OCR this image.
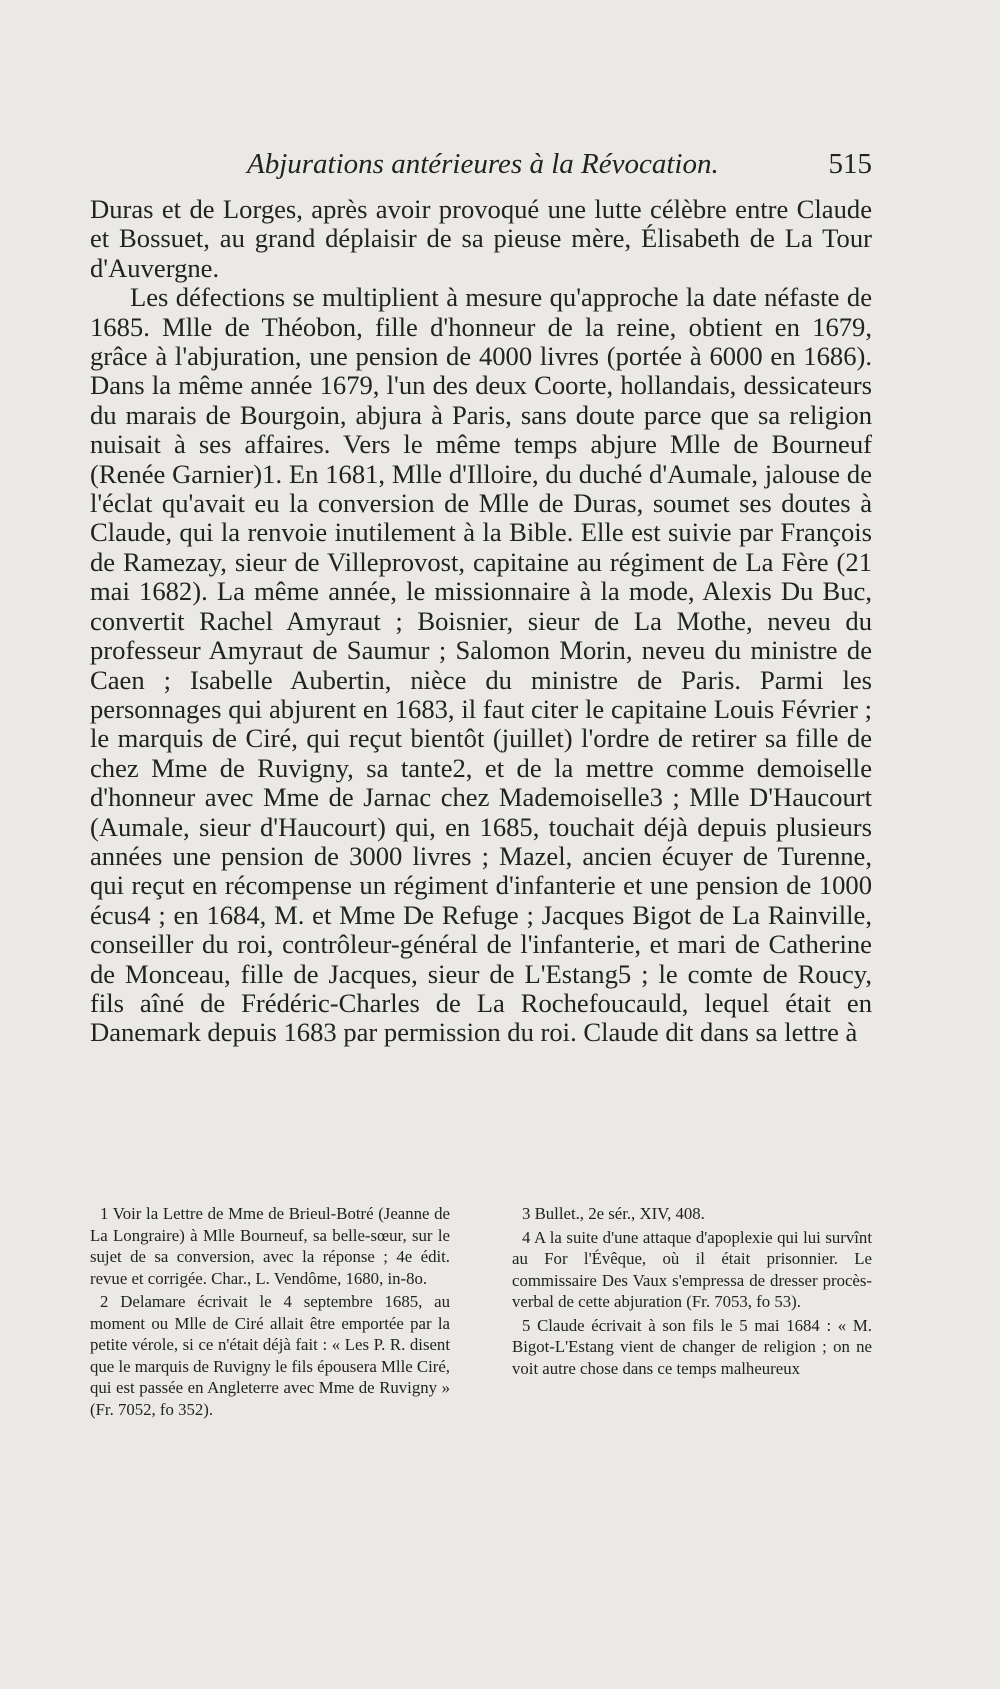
Abjurations antérieures à la Révocation.	515

Duras et de Lorges, après avoir provoqué une lutte célèbre entre Claude et Bossuet, au grand déplaisir de sa pieuse mère, Élisabeth de La Tour d'Auvergne.

Les défections se multiplient à mesure qu'approche la date néfaste de 1685. Mlle de Théobon, fille d'honneur de la reine, obtient en 1679, grâce à l'abjuration, une pension de 4000 livres (portée à 6000 en 1686). Dans la même année 1679, l'un des deux Coorte, hollandais, dessicateurs du marais de Bourgoin, abjura à Paris, sans doute parce que sa religion nuisait à ses affaires. Vers le même temps abjure Mlle de Bourneuf (Renée Garnier)1. En 1681, Mlle d'Illoire, du duché d'Aumale, jalouse de l'éclat qu'avait eu la conversion de Mlle de Duras, soumet ses doutes à Claude, qui la renvoie inutilement à la Bible. Elle est suivie par François de Ramezay, sieur de Villeprovost, capitaine au régiment de La Fère (21 mai 1682). La même année, le missionnaire à la mode, Alexis Du Buc, convertit Rachel Amyraut ; Boisnier, sieur de La Mothe, neveu du professeur Amyraut de Saumur ; Salomon Morin, neveu du ministre de Caen ; Isabelle Aubertin, nièce du ministre de Paris. Parmi les personnages qui abjurent en 1683, il faut citer le capitaine Louis Février ; le marquis de Ciré, qui reçut bientôt (juillet) l'ordre de retirer sa fille de chez Mme de Ruvigny, sa tante2, et de la mettre comme demoiselle d'honneur avec Mme de Jarnac chez Mademoiselle3 ; Mlle D'Haucourt (Aumale, sieur d'Haucourt) qui, en 1685, touchait déjà depuis plusieurs années une pension de 3000 livres ; Mazel, ancien écuyer de Turenne, qui reçut en récompense un régiment d'infanterie et une pension de 1000 écus4 ; en 1684, M. et Mme De Refuge ; Jacques Bigot de La Rainville, conseiller du roi, contrôleur-général de l'infanterie, et mari de Catherine de Monceau, fille de Jacques, sieur de L'Estang5 ; le comte de Roucy, fils aîné de Frédéric-Charles de La Rochefoucauld, lequel était en Danemark depuis 1683 par permission du roi. Claude dit dans sa lettre à

1 Voir la Lettre de Mme de Brieul-Botré (Jeanne de La Longraire) à Mlle Bourneuf, sa belle-sœur, sur le sujet de sa conversion, avec la réponse ; 4e édit. revue et corrigée. Char., L. Vendôme, 1680, in-8o.

2 Delamare écrivait le 4 septembre 1685, au moment ou Mlle de Ciré allait être emportée par la petite vérole, si ce n'était déjà fait : « Les P. R. disent que le marquis de Ruvigny le fils épousera Mlle Ciré, qui est passée en Angleterre avec Mme de Ruvigny » (Fr. 7052, fo 352).

3 Bullet., 2e sér., XIV, 408.

4 A la suite d'une attaque d'apoplexie qui lui survînt au For l'Évêque, où il était prisonnier. Le commissaire Des Vaux s'empressa de dresser procès-verbal de cette abjuration (Fr. 7053, fo 53).

5 Claude écrivait à son fils le 5 mai 1684 : « M. Bigot-L'Estang vient de changer de religion ; on ne voit autre chose dans ce temps malheureux
